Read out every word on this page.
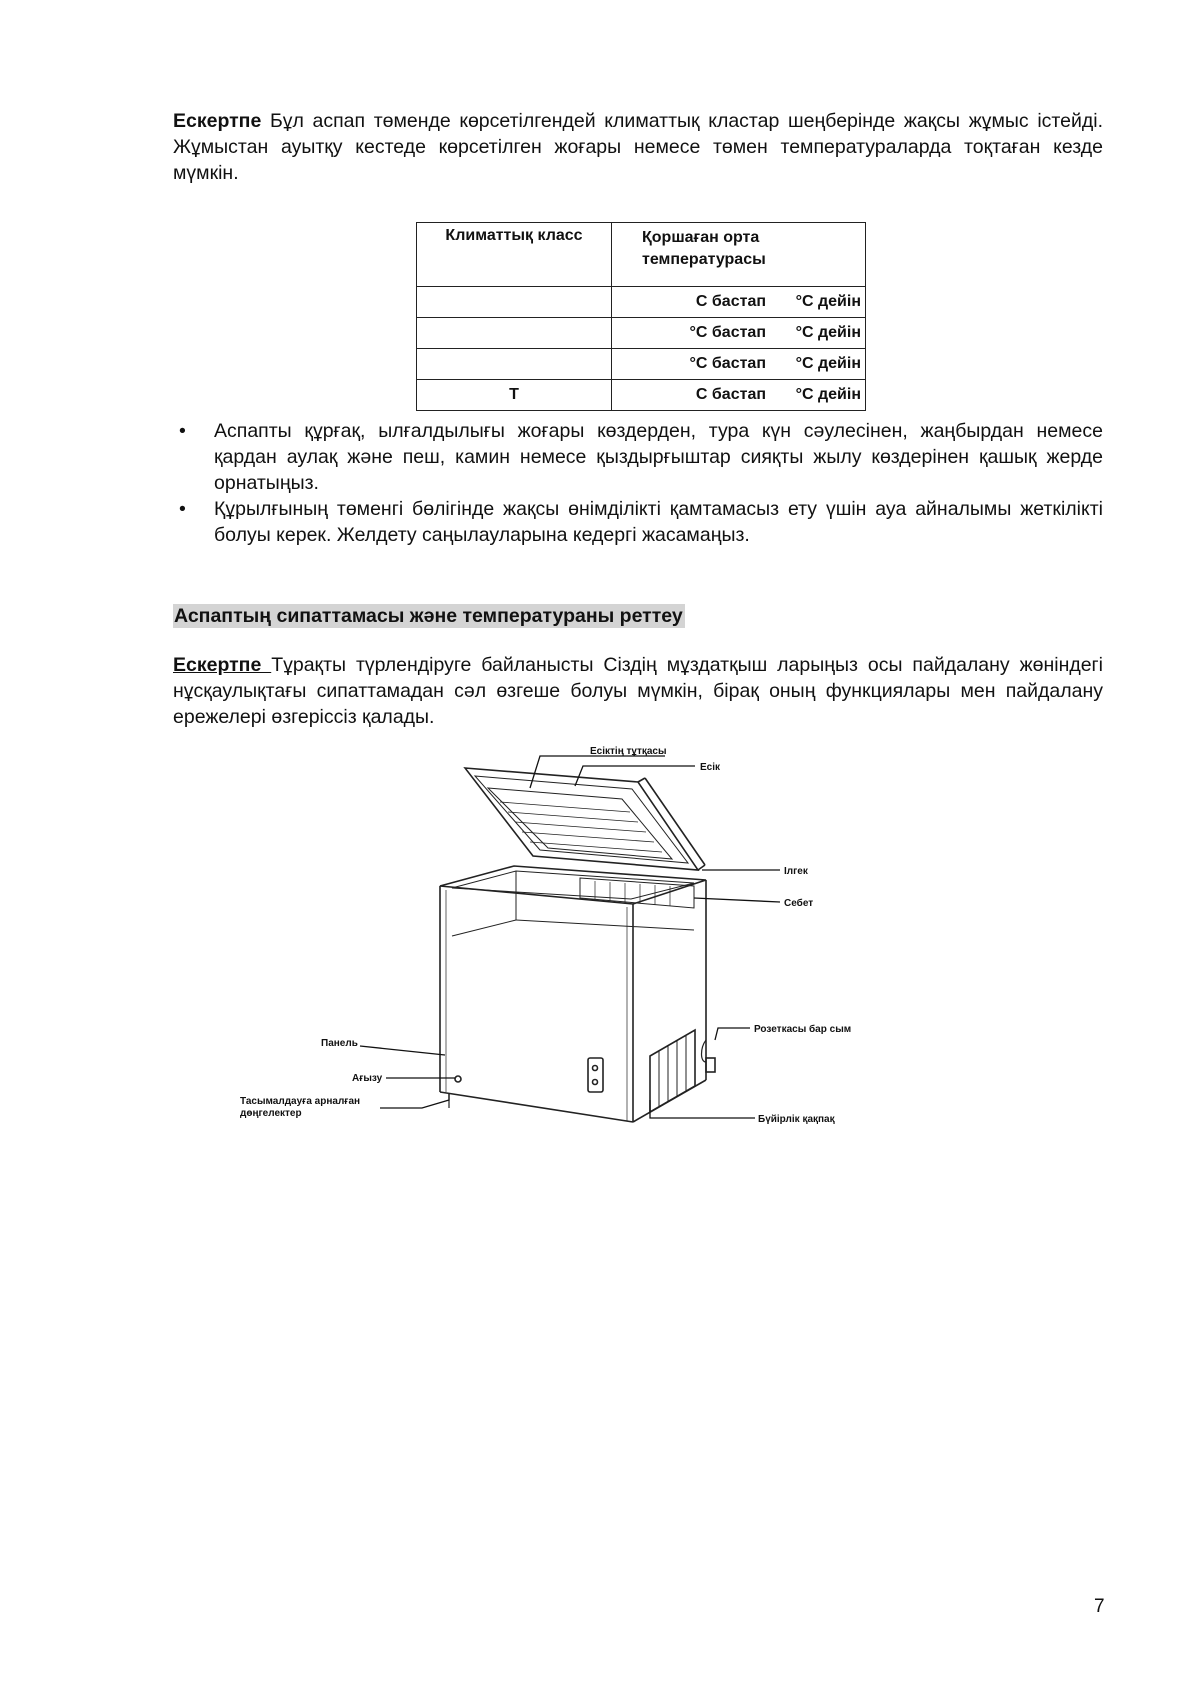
Ескертпе Бұл аспап төменде көрсетілгендей климаттық кластар шеңберінде жақсы жұмыс істейді. Жұмыстан ауытқу кестеде көрсетілген жоғары немесе төмен температураларда тоқтаған кезде мүмкін.

Климаттық класс	Қоршаған орта температурасы

	С бастап °С дейін

	°С бастап °С дейін

	°С бастап °С дейін

T	С бастап °С дейін
• Аспапты құрғақ, ылғалдылығы жоғары көздерден, тура күн сәулесінен, жаңбырдан немесе қардан аулақ және пеш, камин немесе қыздырғыштар сияқты жылу көздерінен қашық жерде орнатыңыз.
• Құрылғының төменгі бөлігінде жақсы өнімділікті қамтамасыз ету үшін ауа айналымы жеткілікті болуы керек. Желдету саңылауларына кедергі жасамаңыз.
Аспаптың сипаттамасы және температураны реттеу

Ескертпе Тұрақты түрлендіруге байланысты Сіздің мұздатқыш ларыңыз осы пайдалану жөніндегі нұсқаулықтағы сипаттамадан сәл өзгеше болуы мүмкін, бірақ оның функциялары мен пайдалану ережелері өзгеріссіз қалады.

Есіктің тұтқасы
Есік
Ілгек
Себет
Розеткасы бар сым
Панель
Ағызу
Тасымалдауға арналған
дөңгелектер
Бүйірлік қақпақ
7
